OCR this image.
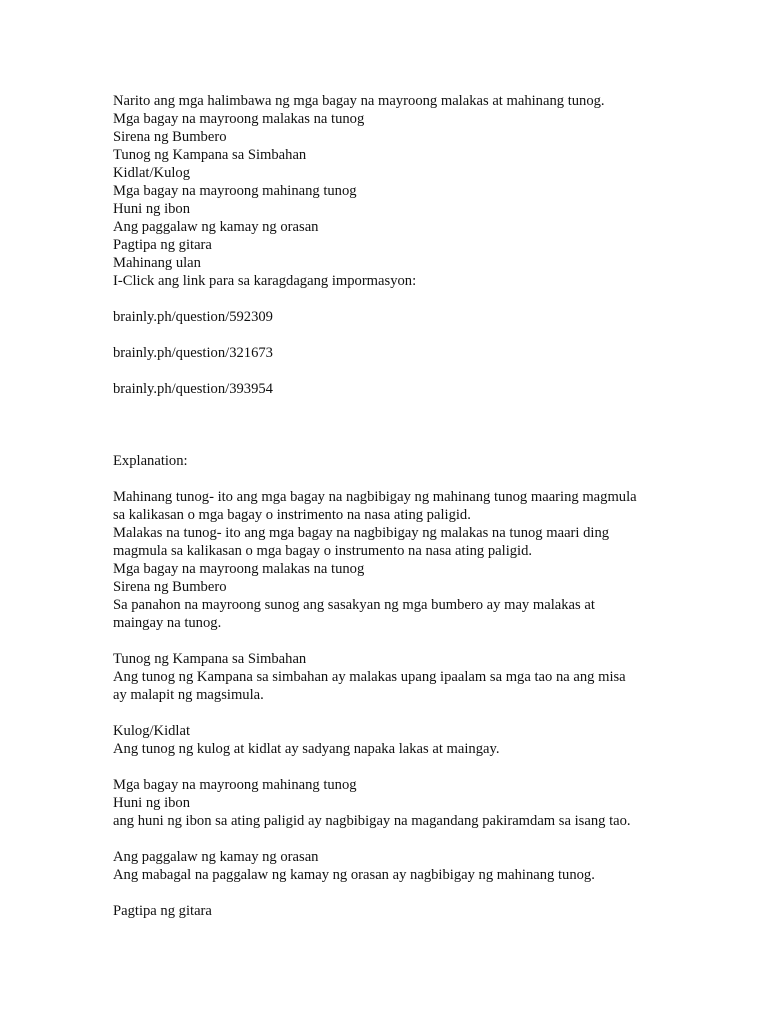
Narito ang mga halimbawa ng mga bagay na mayroong malakas at mahinang tunog.
Mga bagay na mayroong malakas na tunog
Sirena ng Bumbero
Tunog ng Kampana sa Simbahan
Kidlat/Kulog
Mga bagay na mayroong mahinang tunog
Huni ng ibon
Ang paggalaw ng kamay ng orasan
Pagtipa ng gitara
Mahinang ulan
I-Click ang link para sa karagdagang impormasyon:
brainly.ph/question/592309
brainly.ph/question/321673
brainly.ph/question/393954
Explanation:
Mahinang tunog- ito ang mga bagay na nagbibigay ng mahinang tunog maaring magmula
sa kalikasan o mga bagay o instrimento na nasa ating paligid.
Malakas na tunog- ito ang mga bagay na nagbibigay ng malakas na tunog maari ding
magmula sa kalikasan o mga bagay o instrumento na nasa ating paligid.
Mga bagay na mayroong malakas na tunog
Sirena ng Bumbero
Sa panahon na mayroong sunog ang sasakyan ng mga bumbero ay may malakas at
maingay na tunog.
Tunog ng Kampana sa Simbahan
Ang tunog ng Kampana sa simbahan ay malakas upang ipaalam sa mga tao na ang misa
ay malapit ng magsimula.
Kulog/Kidlat
Ang tunog ng kulog at kidlat ay sadyang napaka lakas at maingay.
Mga bagay na mayroong mahinang tunog
Huni ng ibon
ang huni ng ibon sa ating paligid ay nagbibigay na magandang pakiramdam sa isang tao.
Ang paggalaw ng kamay ng orasan
Ang mabagal na paggalaw ng kamay ng orasan ay nagbibigay ng mahinang tunog.
Pagtipa ng gitara
